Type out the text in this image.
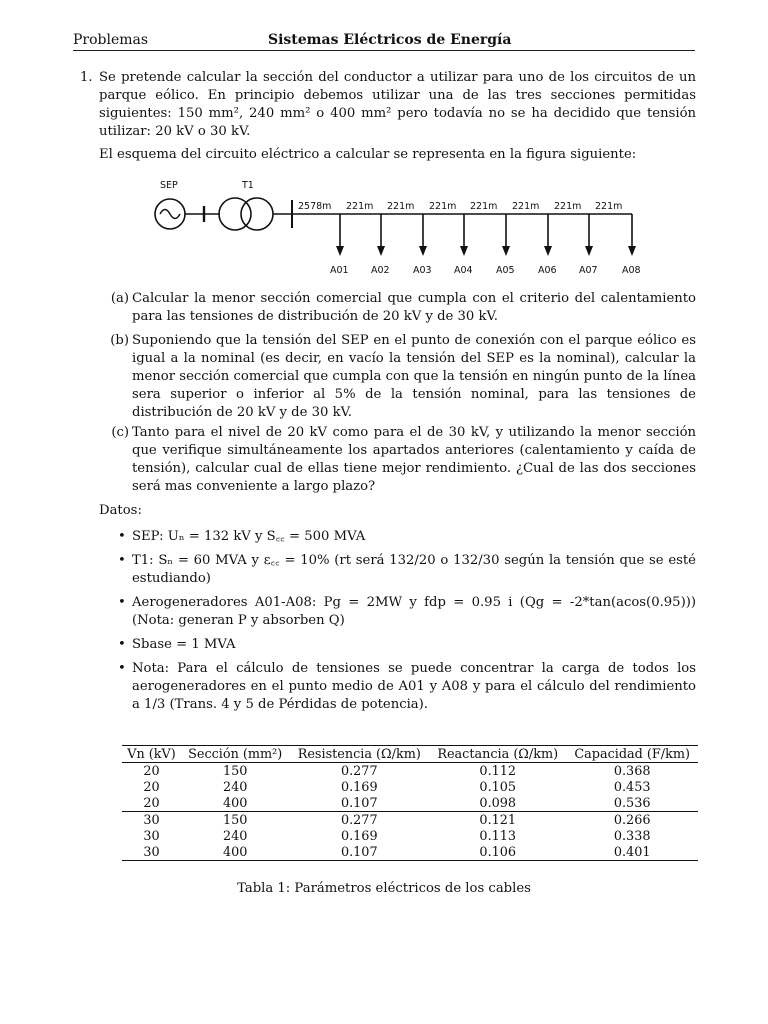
Problemas	Sistemas Eléctricos de Energía
1. Se pretende calcular la sección del conductor a utilizar para uno de los circuitos de un parque eólico. En principio debemos utilizar una de las tres secciones permitidas siguientes: 150 mm², 240 mm² o 400 mm² pero todavía no se ha decidido que tensión utilizar: 20 kV o 30 kV.
El esquema del circuito eléctrico a calcular se representa en la figura siguiente:
SEP	T1
2578m 221m 221m 221m 221m 221m 221m 221m
A01 A02 A03 A04 A05 A06 A07	A08
(a) Calcular la menor sección comercial que cumpla con el criterio del calentamiento para las tensiones de distribución de 20 kV y de 30 kV.
(b) Suponiendo que la tensión del SEP en el punto de conexión con el parque eólico es igual a la nominal (es decir, en vacío la tensión del SEP es la nominal), calcular la menor sección comercial que cumpla con que la tensión en ningún punto de la línea sera superior o inferior al 5% de la tensión nominal, para las tensiones de distribución de 20 kV y de 30 kV.
(c) Tanto para el nivel de 20 kV como para el de 30 kV, y utilizando la menor sección que verifique simultáneamente los apartados anteriores (calentamiento y caída de tensión), calcular cual de ellas tiene mejor rendimiento. ¿Cual de las dos secciones será mas conveniente a largo plazo?
Datos:
• SEP: Uₙ = 132 kV y S꜀꜀ = 500 MVA
• T1: Sₙ = 60 MVA y ε꜀꜀ = 10% (rt será 132/20 o 132/30 según la tensión que se esté estudiando)
• Aerogeneradores A01-A08: Pg = 2MW y fdp = 0.95 i (Qg = -2*tan(acos(0.95))) (Nota: generan P y absorben Q)
• Sbase = 1 MVA
• Nota: Para el cálculo de tensiones se puede concentrar la carga de todos los aerogeneradores en el punto medio de A01 y A08 y para el cálculo del rendimiento a 1/3 (Trans. 4 y 5 de Pérdidas de potencia).
Vn (kV)	Sección (mm²)	Resistencia (Ω/km)	Reactancia (Ω/km)	Capacidad (F/km)
20	150	0.277	0.112	0.368
20	240	0.169	0.105	0.453
20	400	0.107	0.098	0.536
30	150	0.277	0.121	0.266
30	240	0.169	0.113	0.338
30	400	0.107	0.106	0.401
Tabla 1: Parámetros eléctricos de los cables
